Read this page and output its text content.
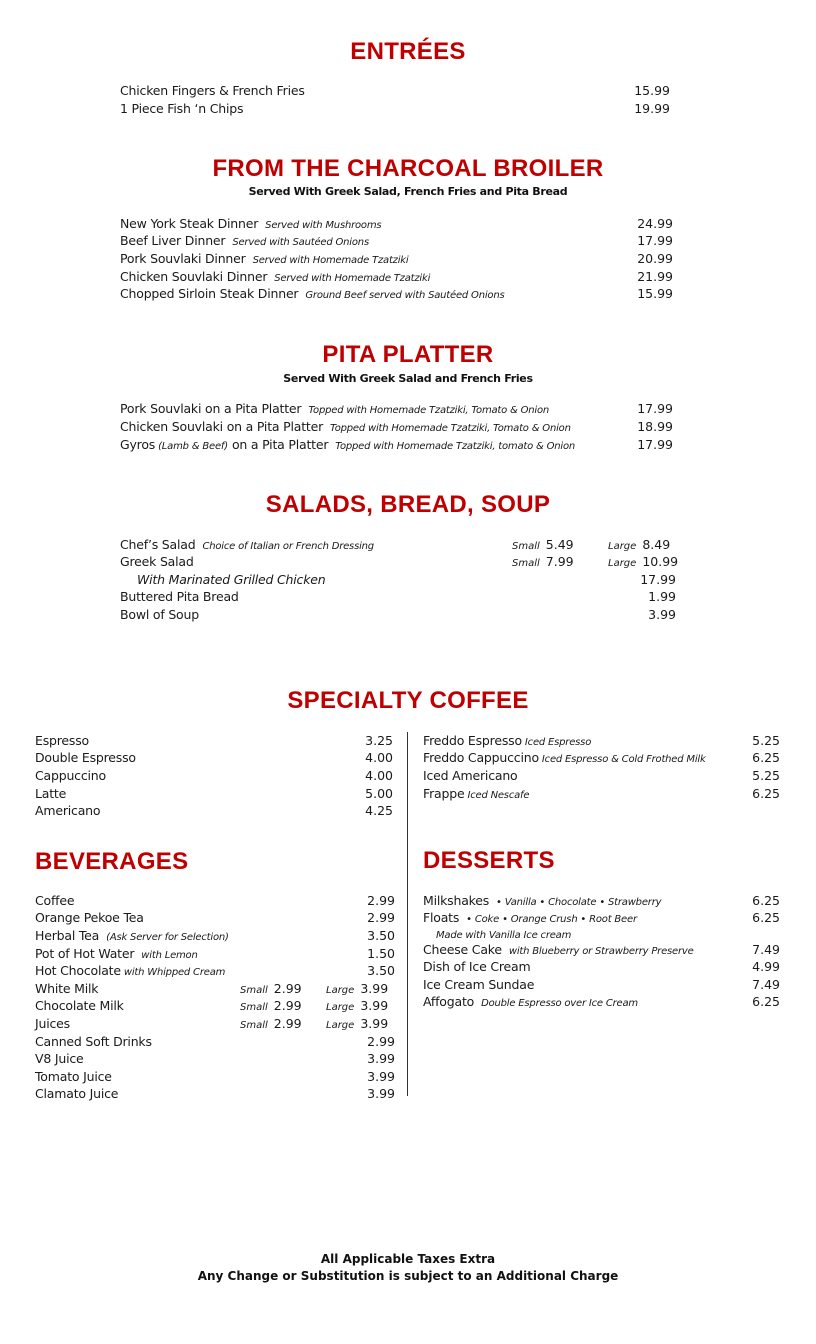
ENTRÉES
Chicken Fingers & French Fries	15.99
1 Piece Fish ‘n Chips	19.99
FROM THE CHARCOAL BROILER
Served With Greek Salad, French Fries and Pita Bread
New York Steak Dinner Served with Mushrooms	24.99
Beef Liver Dinner Served with Sautéed Onions	17.99
Pork Souvlaki Dinner Served with Homemade Tzatziki	20.99
Chicken Souvlaki Dinner Served with Homemade Tzatziki	21.99
Chopped Sirloin Steak Dinner Ground Beef served with Sautéed Onions	15.99
PITA PLATTER
Served With Greek Salad and French Fries
Pork Souvlaki on a Pita Platter Topped with Homemade Tzatziki, Tomato & Onion	17.99
Chicken Souvlaki on a Pita Platter Topped with Homemade Tzatziki, Tomato & Onion	18.99
Gyros (Lamb & Beef) on a Pita Platter Topped with Homemade Tzatziki, tomato & Onion	17.99
SALADS, BREAD, SOUP
Chef’s Salad Choice of Italian or French Dressing	Small 5.49	Large 8.49
Greek Salad	Small 7.99	Large 10.99
With Marinated Grilled Chicken	17.99
Buttered Pita Bread	1.99
Bowl of Soup	3.99
SPECIALTY COFFEE
Espresso	3.25
Double Espresso	4.00
Cappuccino	4.00
Latte	5.00
Americano	4.25
Freddo Espresso Iced Espresso	5.25
Freddo Cappuccino Iced Espresso & Cold Frothed Milk	6.25
Iced Americano	5.25
Frappe Iced Nescafe	6.25
BEVERAGES
Coffee	2.99
Orange Pekoe Tea	2.99
Herbal Tea (Ask Server for Selection)	3.50
Pot of Hot Water with Lemon	1.50
Hot Chocolate with Whipped Cream	3.50
White Milk	Small 2.99 Large 3.99
Chocolate Milk	Small 2.99 Large 3.99
Juices	Small 2.99 Large 3.99
Canned Soft Drinks	2.99
V8 Juice	3.99
Tomato Juice	3.99
Clamato Juice	3.99
DESSERTS
Milkshakes • Vanilla • Chocolate • Strawberry	6.25
Floats • Coke • Orange Crush • Root Beer	6.25
Made with Vanilla Ice cream
Cheese Cake with Blueberry or Strawberry Preserve	7.49
Dish of Ice Cream	4.99
Ice Cream Sundae	7.49
Affogato Double Espresso over Ice Cream	6.25
All Applicable Taxes Extra
Any Change or Substitution is subject to an Additional Charge
